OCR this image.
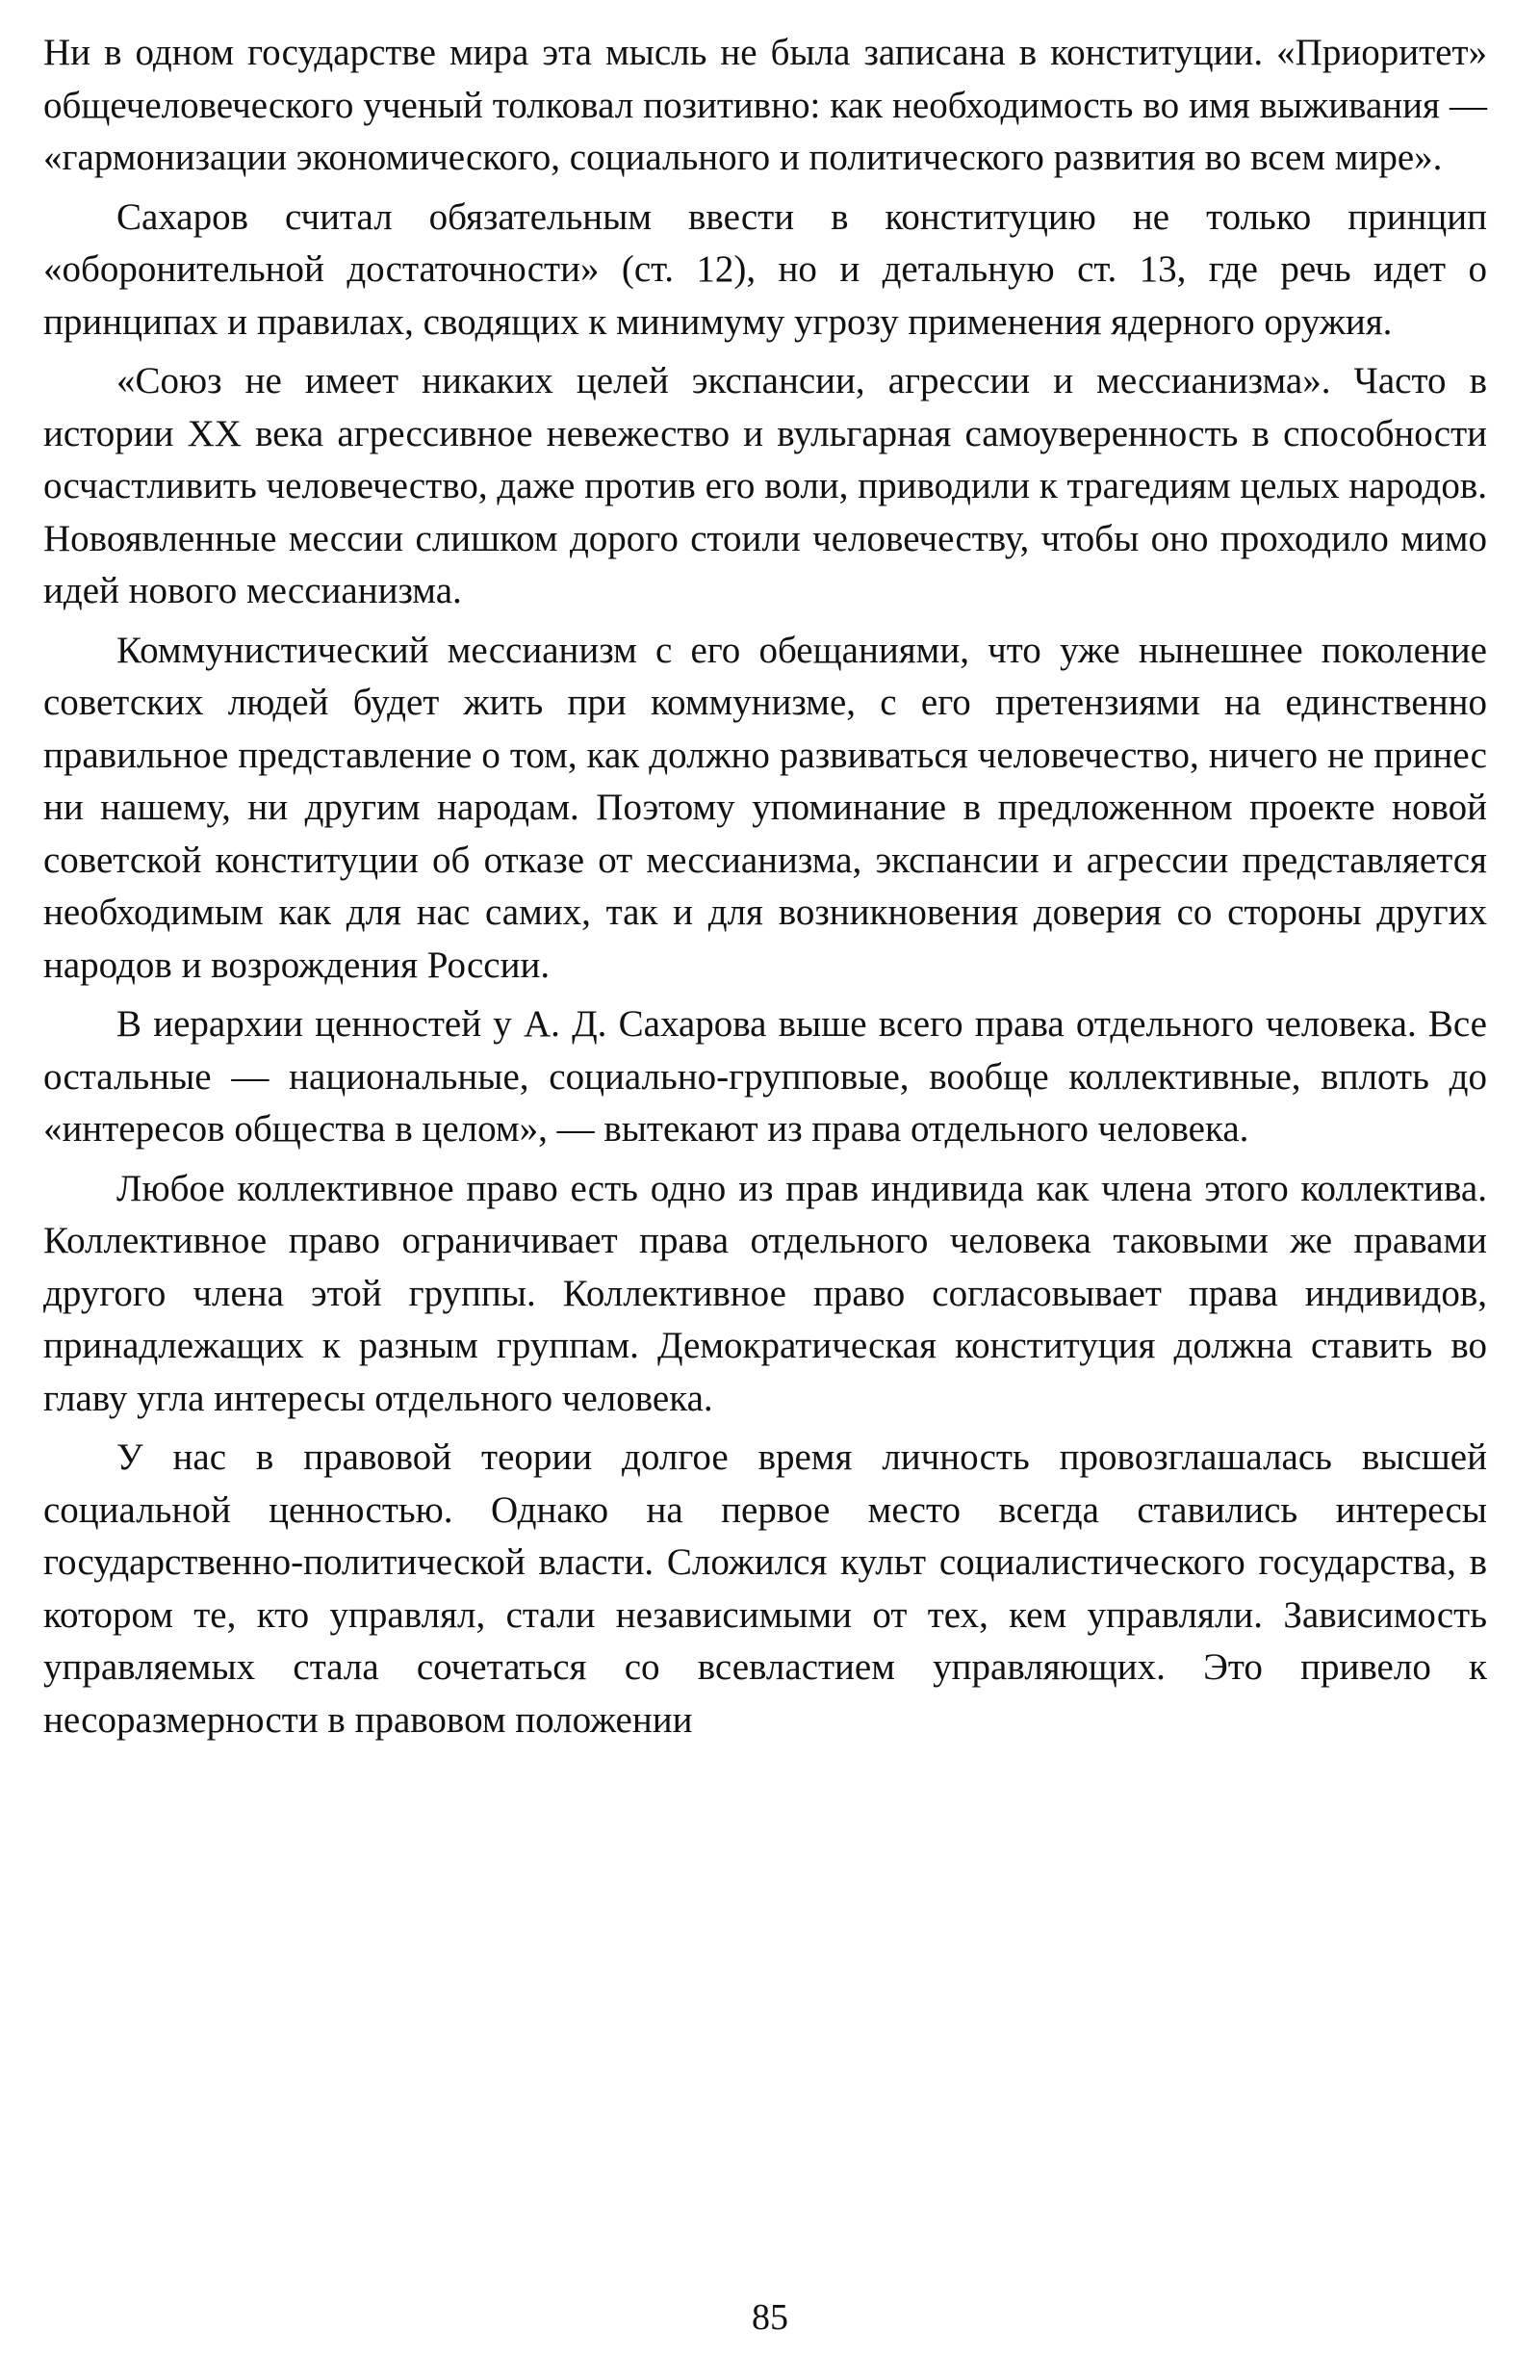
Ни в одном государстве мира эта мысль не была записана в конституции. «Приоритет» общечеловеческого ученый толковал позитивно: как необходимость во имя выживания — «гармонизации экономического, социального и политического развития во всем мире».

Сахаров считал обязательным ввести в конституцию не только принцип «оборонительной достаточности» (ст. 12), но и детальную ст. 13, где речь идет о принципах и правилах, сводящих к минимуму угрозу применения ядерного оружия.

«Союз не имеет никаких целей экспансии, агрессии и мессианизма». Часто в истории XX века агрессивное невежество и вульгарная самоуверенность в способности осчастливить человечество, даже против его воли, приводили к трагедиям целых народов. Новоявленные мессии слишком дорого стоили человечеству, чтобы оно проходило мимо идей нового мессианизма.

Коммунистический мессианизм с его обещаниями, что уже нынешнее поколение советских людей будет жить при коммунизме, с его претензиями на единственно правильное представление о том, как должно развиваться человечество, ничего не принес ни нашему, ни другим народам. Поэтому упоминание в предложенном проекте новой советской конституции об отказе от мессианизма, экспансии и агрессии представляется необходимым как для нас самих, так и для возникновения доверия со стороны других народов и возрождения России.

В иерархии ценностей у А. Д. Сахарова выше всего права отдельного человека. Все остальные — национальные, социально-групповые, вообще коллективные, вплоть до «интересов общества в целом», — вытекают из права отдельного человека.

Любое коллективное право есть одно из прав индивида как члена этого коллектива. Коллективное право ограничивает права отдельного человека таковыми же правами другого члена этой группы. Коллективное право согласовывает права индивидов, принадлежащих к разным группам. Демократическая конституция должна ставить во главу угла интересы отдельного человека.

У нас в правовой теории долгое время личность провозглашалась высшей социальной ценностью. Однако на первое место всегда ставились интересы государственно-политической власти. Сложился культ социалистического государства, в котором те, кто управлял, стали независимыми от тех, кем управляли. Зависимость управляемых стала сочетаться со всевластием управляющих. Это привело к несоразмерности в правовом положении

85
